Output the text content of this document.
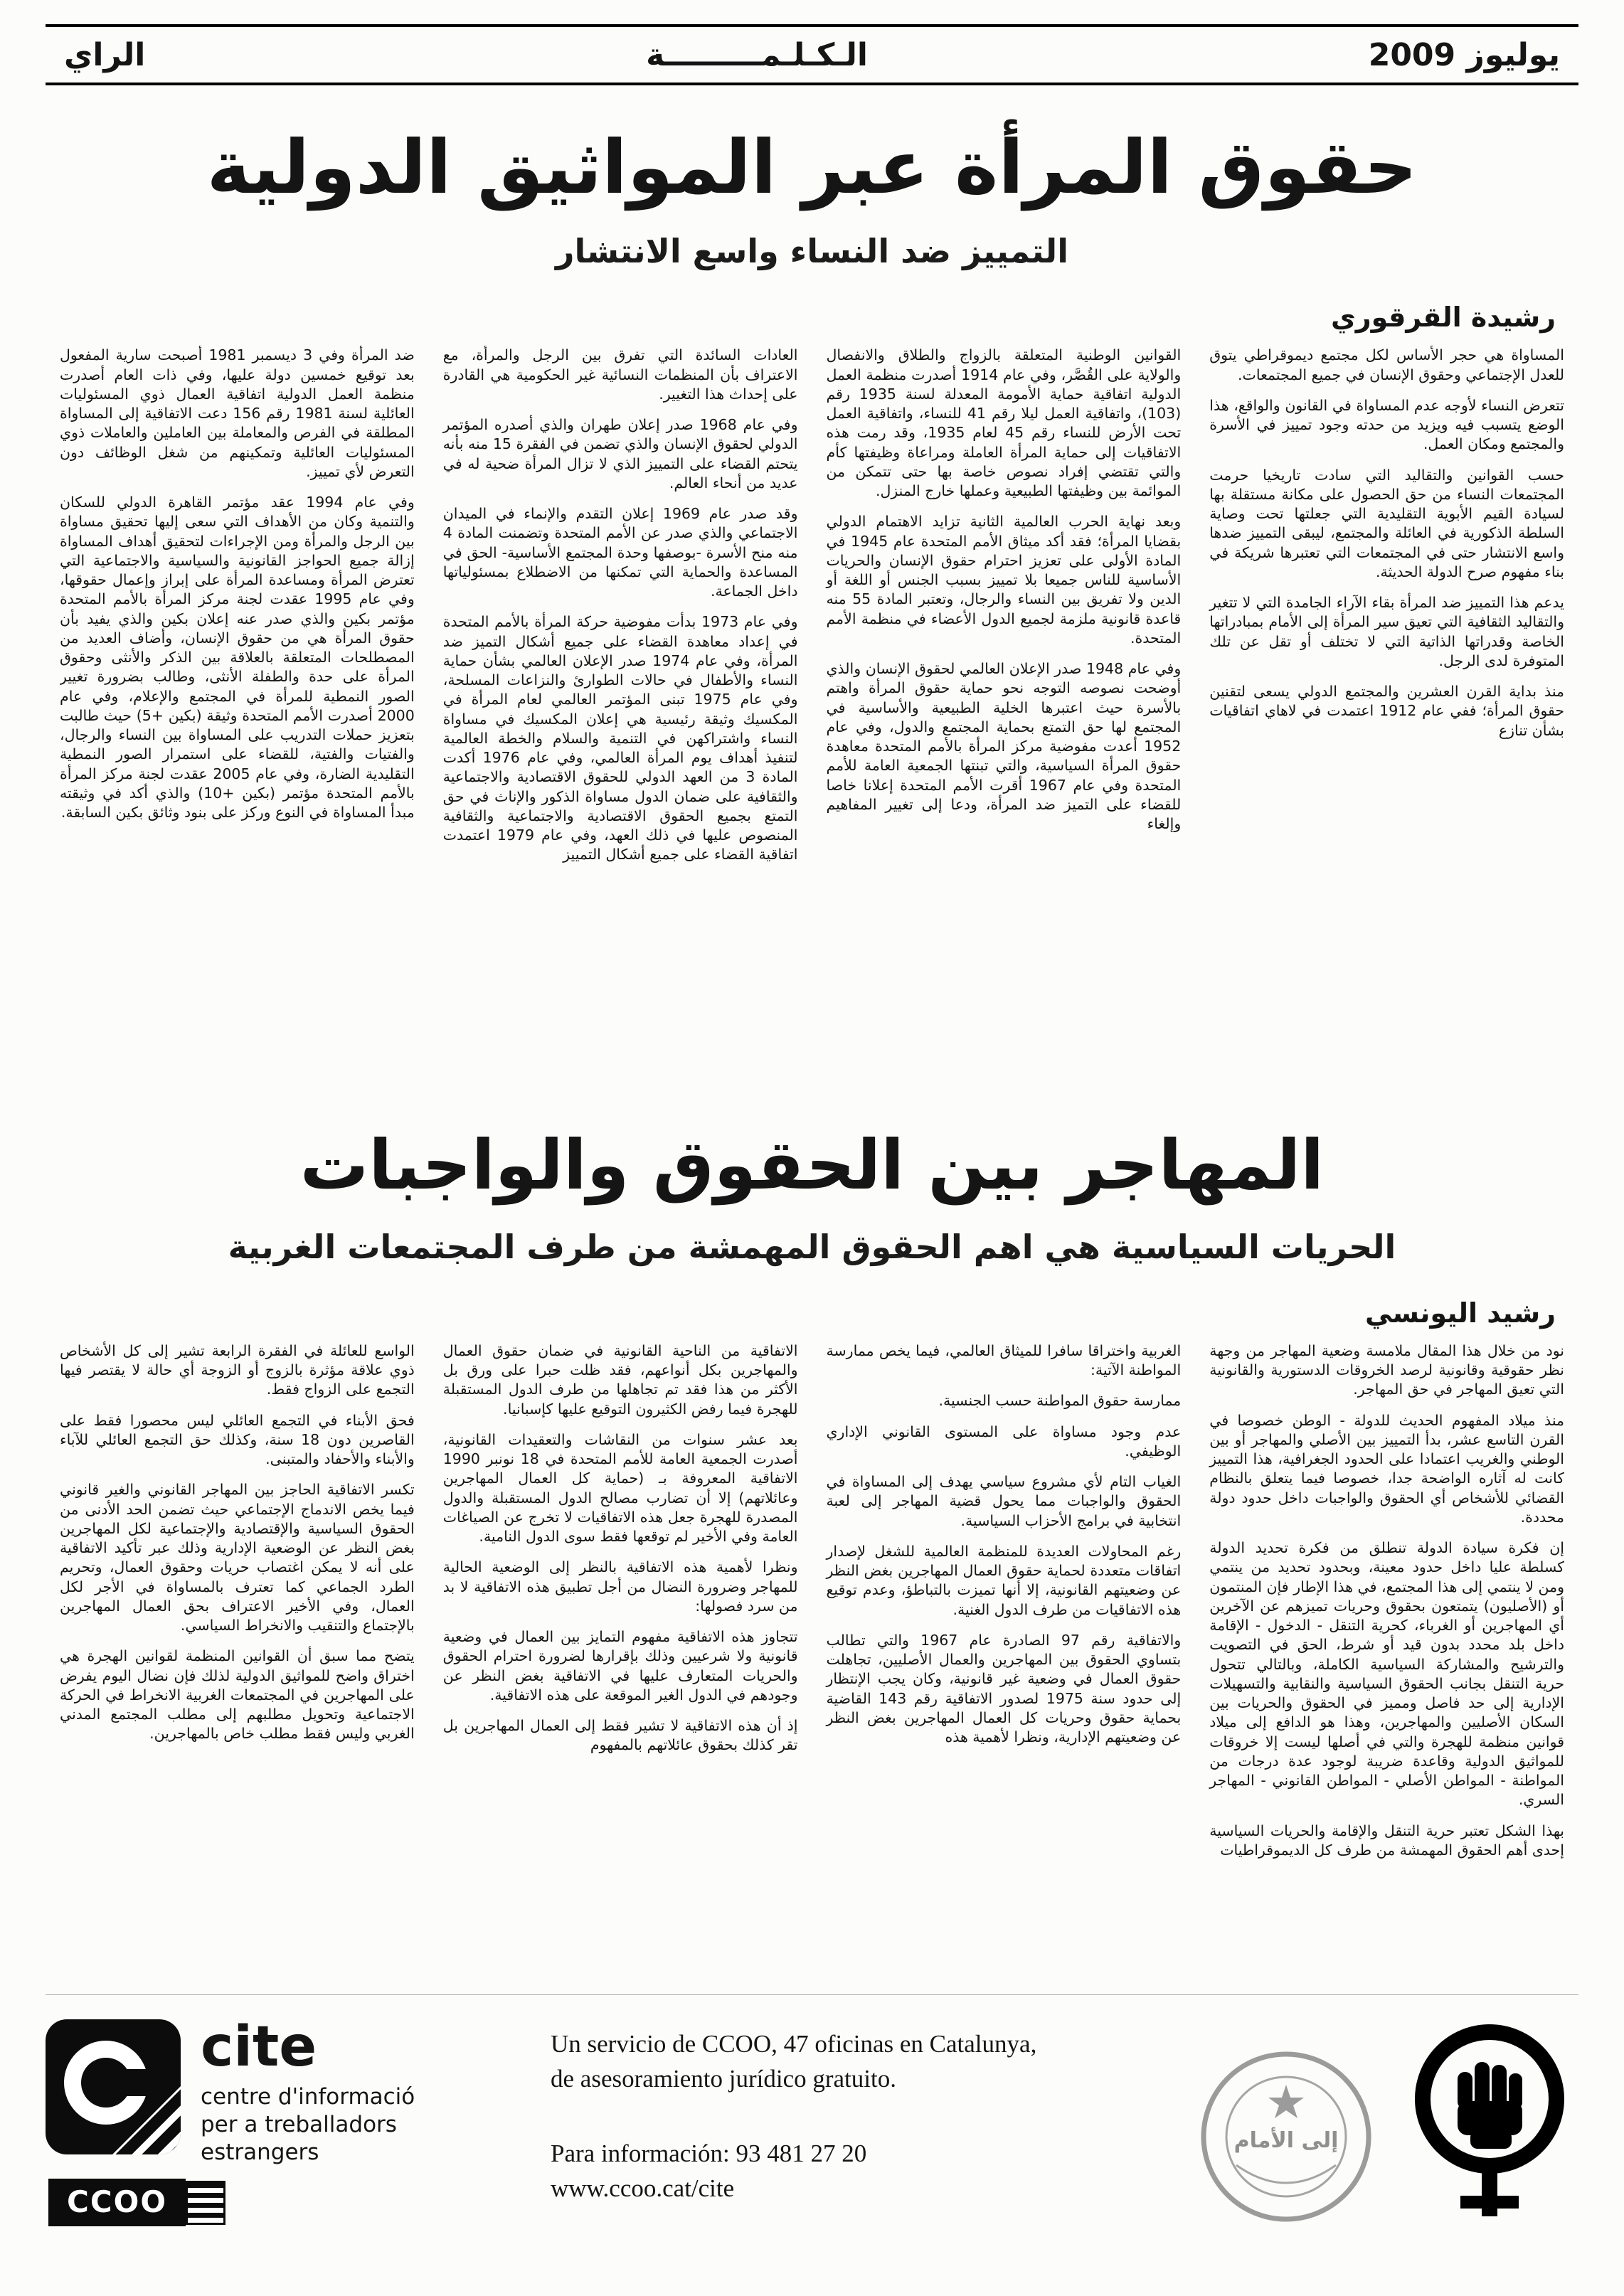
يوليوز 2009
الـكـلـمـــــــــة
الراي
حقوق المرأة عبر المواثيق الدولية
التمييز ضد النساء واسع الانتشار
رشيدة القرقوري

المساواة هي حجر الأساس لكل مجتمع ديموقراطي يتوق للعدل الإجتماعي وحقوق الإنسان في جميع المجتمعات.

تتعرض النساء لأوجه عدم المساواة في القانون والواقع، هذا الوضع يتسبب فيه ويزيد من حدته وجود تمييز في الأسرة والمجتمع ومكان العمل.

حسب القوانين والتقاليد التي سادت تاريخيا حرمت المجتمعات النساء من حق الحصول على مكانة مستقلة بها لسيادة القيم الأبوية التقليدية التي جعلتها تحت وصاية السلطة الذكورية في العائلة والمجتمع، ليبقى التمييز ضدها واسع الانتشار حتى في المجتمعات التي تعتبرها شريكة في بناء مفهوم صرح الدولة الحديثة.

يدعم هذا التمييز ضد المرأة بقاء الآراء الجامدة التي لا تتغير والتقاليد الثقافية التي تعيق سير المرأة إلى الأمام بمبادراتها الخاصة وقدراتها الذاتية التي لا تختلف أو تقل عن تلك المتوفرة لدى الرجل.

منذ بداية القرن العشرين والمجتمع الدولي يسعى لتقنين حقوق المرأة؛ ففي عام 1912 اعتمدت في لاهاي اتفاقيات بشأن تنازع

القوانين الوطنية المتعلقة بالزواج والطلاق والانفصال والولاية على القُصَّر، وفي عام 1914 أصدرت منظمة العمل الدولية اتفاقية حماية الأمومة المعدلة لسنة 1935 رقم (103)، واتفاقية العمل ليلا رقم 41 للنساء، واتفاقية العمل تحت الأرض للنساء رقم 45 لعام 1935، وقد رمت هذه الاتفاقيات إلى حماية المرأة العاملة ومراعاة وظيفتها كأم والتي تقتضي إفراد نصوص خاصة بها حتى تتمكن من الموائمة بين وظيفتها الطبيعية وعملها خارج المنزل.

وبعد نهاية الحرب العالمية الثانية تزايد الاهتمام الدولي بقضايا المرأة؛ فقد أكد ميثاق الأمم المتحدة عام 1945 في المادة الأولى على تعزيز احترام حقوق الإنسان والحريات الأساسية للناس جميعا بلا تمييز بسبب الجنس أو اللغة أو الدين ولا تفريق بين النساء والرجال، وتعتبر المادة 55 منه قاعدة قانونية ملزمة لجميع الدول الأعضاء في منظمة الأمم المتحدة.

وفي عام 1948 صدر الإعلان العالمي لحقوق الإنسان والذي أوضحت نصوصه التوجه نحو حماية حقوق المرأة واهتم بالأسرة حيث اعتبرها الخلية الطبيعية والأساسية في المجتمع لها حق التمتع بحماية المجتمع والدول، وفي عام 1952 أعدت مفوضية مركز المرأة بالأمم المتحدة معاهدة حقوق المرأة السياسية، والتي تبنتها الجمعية العامة للأمم المتحدة وفي عام 1967 أقرت الأمم المتحدة إعلانا خاصا للقضاء على التميز ضد المرأة، ودعا إلى تغيير المفاهيم وإلغاء

العادات السائدة التي تفرق بين الرجل والمرأة، مع الاعتراف بأن المنظمات النسائية غير الحكومية هي القادرة على إحداث هذا التغيير.

وفي عام 1968 صدر إعلان طهران والذي أصدره المؤتمر الدولي لحقوق الإنسان والذي تضمن في الفقرة 15 منه بأنه يتحتم القضاء على التمييز الذي لا تزال المرأة ضحية له في عديد من أنحاء العالم.

وقد صدر عام 1969 إعلان التقدم والإنماء في الميدان الاجتماعي والذي صدر عن الأمم المتحدة وتضمنت المادة 4 منه منح الأسرة -بوصفها وحدة المجتمع الأساسية- الحق في المساعدة والحماية التي تمكنها من الاضطلاع بمسئولياتها داخل الجماعة.

وفي عام 1973 بدأت مفوضية حركة المرأة بالأمم المتحدة في إعداد معاهدة القضاء على جميع أشكال التميز ضد المرأة، وفي عام 1974 صدر الإعلان العالمي بشأن حماية النساء والأطفال في حالات الطوارئ والنزاعات المسلحة، وفي عام 1975 تبنى المؤتمر العالمي لعام المرأة في المكسيك وثيقة رئيسية هي إعلان المكسيك في مساواة النساء واشتراكهن في التنمية والسلام والخطة العالمية لتنفيذ أهداف يوم المرأة العالمي، وفي عام 1976 أكدت المادة 3 من العهد الدولي للحقوق الاقتصادية والاجتماعية والثقافية على ضمان الدول مساواة الذكور والإناث في حق التمتع بجميع الحقوق الاقتصادية والاجتماعية والثقافية المنصوص عليها في ذلك العهد، وفي عام 1979 اعتمدت اتفاقية القضاء على جميع أشكال التمييز

ضد المرأة وفي 3 ديسمبر 1981 أصبحت سارية المفعول بعد توقيع خمسين دولة عليها، وفي ذات العام أصدرت منظمة العمل الدولية اتفاقية العمال ذوي المسئوليات العائلية لسنة 1981 رقم 156 دعت الاتفاقية إلى المساواة المطلقة في الفرص والمعاملة بين العاملين والعاملات ذوي المسئوليات العائلية وتمكينهم من شغل الوظائف دون التعرض لأي تمييز.

وفي عام 1994 عقد مؤتمر القاهرة الدولي للسكان والتنمية وكان من الأهداف التي سعى إليها تحقيق مساواة بين الرجل والمرأة ومن الإجراءات لتحقيق أهداف المساواة إزالة جميع الحواجز القانونية والسياسية والاجتماعية التي تعترض المرأة ومساعدة المرأة على إبراز وإعمال حقوقها، وفي عام 1995 عقدت لجنة مركز المرأة بالأمم المتحدة مؤتمر بكين والذي صدر عنه إعلان بكين والذي يفيد بأن حقوق المرأة هي من حقوق الإنسان، وأضاف العديد من المصطلحات المتعلقة بالعلاقة بين الذكر والأنثى وحقوق المرأة على حدة والطفلة الأنثى، وطالب بضرورة تغيير الصور النمطية للمرأة في المجتمع والإعلام، وفي عام 2000 أصدرت الأمم المتحدة وثيقة (بكين +5) حيث طالبت بتعزيز حملات التدريب على المساواة بين النساء والرجال، والفتيات والفتية، للقضاء على استمرار الصور النمطية التقليدية الضارة، وفي عام 2005 عقدت لجنة مركز المرأة بالأمم المتحدة مؤتمر (بكين +10) والذي أكد في وثيقته مبدأ المساواة في النوع وركز على بنود وثائق بكين السابقة.

المهاجر بين الحقوق والواجبات
الحريات السياسية هي اهم الحقوق المهمشة من طرف المجتمعات الغربية
رشيد اليونسي

نود من خلال هذا المقال ملامسة وضعية المهاجر من وجهة نظر حقوقية وقانونية لرصد الخروقات الدستورية والقانونية التي تعيق المهاجر في حق المهاجر.

منذ ميلاد المفهوم الحديث للدولة - الوطن خصوصا في القرن التاسع عشر، بدأ التمييز بين الأصلي والمهاجر أو بين الوطني والغريب اعتمادا على الحدود الجغرافية، هذا التمييز كانت له آثاره الواضحة جدا، خصوصا فيما يتعلق بالنظام القضائي للأشخاص أي الحقوق والواجبات داخل حدود دولة محددة.

إن فكرة سيادة الدولة تنطلق من فكرة تحديد الدولة كسلطة عليا داخل حدود معينة، وبحدود تحديد من ينتمي ومن لا ينتمي إلى هذا المجتمع، في هذا الإطار فإن المنتمون أو (الأصليون) يتمتعون بحقوق وحريات تميزهم عن الآخرين أي المهاجرين أو الغرباء، كحرية التنقل - الدخول - الإقامة داخل بلد محدد بدون قيد أو شرط، الحق في التصويت والترشيح والمشاركة السياسية الكاملة، وبالتالي تتحول حرية التنقل بجانب الحقوق السياسية والنقابية والتسهيلات الإدارية إلى حد فاصل ومميز في الحقوق والحريات بين السكان الأصليين والمهاجرين، وهذا هو الدافع إلى ميلاد قوانين منظمة للهجرة والتي في أصلها ليست إلا خروقات للمواثيق الدولية وقاعدة ضريبة لوجود عدة درجات من المواطنة - المواطن الأصلي - المواطن القانوني - المهاجر السري.

بهذا الشكل تعتبر حرية التنقل والإقامة والحريات السياسية إحدى أهم الحقوق المهمشة من طرف كل الديموقراطيات

الغربية واختراقا سافرا للميثاق العالمي، فيما يخص ممارسة المواطنة الآتية:

ممارسة حقوق المواطنة حسب الجنسية.

عدم وجود مساواة على المستوى القانوني الإداري الوظيفي.

الغياب التام لأي مشروع سياسي يهدف إلى المساواة في الحقوق والواجبات مما يحول قضية المهاجر إلى لعبة انتخابية في برامج الأحزاب السياسية.

رغم المحاولات العديدة للمنظمة العالمية للشغل لإصدار اتفاقات متعددة لحماية حقوق العمال المهاجرين بغض النظر عن وضعيتهم القانونية، إلا أنها تميزت بالتباطؤ، وعدم توقيع هذه الاتفاقيات من طرف الدول الغنية.

والاتفاقية رقم 97 الصادرة عام 1967 والتي تطالب بتساوي الحقوق بين المهاجرين والعمال الأصليين، تجاهلت حقوق العمال في وضعية غير قانونية، وكان يجب الإنتظار إلى حدود سنة 1975 لصدور الاتفاقية رقم 143 القاضية بحماية حقوق وحريات كل العمال المهاجرين بغض النظر عن وضعيتهم الإدارية، ونظرا لأهمية هذه

الاتفاقية من الناحية القانونية في ضمان حقوق العمال والمهاجرين بكل أنواعهم، فقد ظلت حبرا على ورق بل الأكثر من هذا فقد تم تجاهلها من طرف الدول المستقبلة للهجرة فيما رفض الكثيرون التوقيع عليها كإسبانيا.

بعد عشر سنوات من النقاشات والتعقيدات القانونية، أصدرت الجمعية العامة للأمم المتحدة في 18 نونبر 1990 الاتفاقية المعروفة بـ (حماية كل العمال المهاجرين وعائلاتهم) إلا أن تضارب مصالح الدول المستقبلة والدول المصدرة للهجرة جعل هذه الاتفاقيات لا تخرج عن الصياغات العامة وفي الأخير لم توقعها فقط سوى الدول النامية.

ونظرا لأهمية هذه الاتفاقية بالنظر إلى الوضعية الحالية للمهاجر وضرورة النضال من أجل تطبيق هذه الاتفاقية لا بد من سرد فصولها:

تتجاوز هذه الاتفاقية مفهوم التمايز بين العمال في وضعية قانونية ولا شرعيين وذلك بإقرارها لضرورة احترام الحقوق والحريات المتعارف عليها في الاتفاقية بغض النظر عن وجودهم في الدول الغير الموقعة على هذه الاتفاقية.

إذ أن هذه الاتفاقية لا تشير فقط إلى العمال المهاجرين بل تقر كذلك بحقوق عائلاتهم بالمفهوم

الواسع للعائلة في الفقرة الرابعة تشير إلى كل الأشخاص ذوي علاقة مؤثرة بالزوج أو الزوجة أي حالة لا يقتصر فيها التجمع على الزواج فقط.

فحق الأبناء في التجمع العائلي ليس محصورا فقط على القاصرين دون 18 سنة، وكذلك حق التجمع العائلي للآباء والأبناء والأحفاد والمتبنى.

تكسر الاتفاقية الحاجز بين المهاجر القانوني والغير قانوني فيما يخص الاندماج الإجتماعي حيث تضمن الحد الأدنى من الحقوق السياسية والإقتصادية والإجتماعية لكل المهاجرين بغض النظر عن الوضعية الإدارية وذلك عبر تأكيد الاتفاقية على أنه لا يمكن اغتصاب حريات وحقوق العمال، وتحريم الطرد الجماعي كما تعترف بالمساواة في الأجر لكل العمال، وفي الأخير الاعتراف بحق العمال المهاجرين بالإجتماع والتنقيب والانخراط السياسي.

يتضح مما سبق أن القوانين المنظمة لقوانين الهجرة هي اختراق واضح للمواثيق الدولية لذلك فإن نضال اليوم يفرض على المهاجرين في المجتمعات الغربية الانخراط في الحركة الاجتماعية وتحويل مطلبهم إلى مطلب المجتمع المدني الغربي وليس فقط مطلب خاص بالمهاجرين.

cite
centre d'informació
per a treballadors
estrangers
CCOO
Un servicio de CCOO, 47 oficinas en Catalunya,
de asesoramiento jurídico gratuito.
Para información: 93 481 27 20
www.ccoo.cat/cite
إلى الأمام
